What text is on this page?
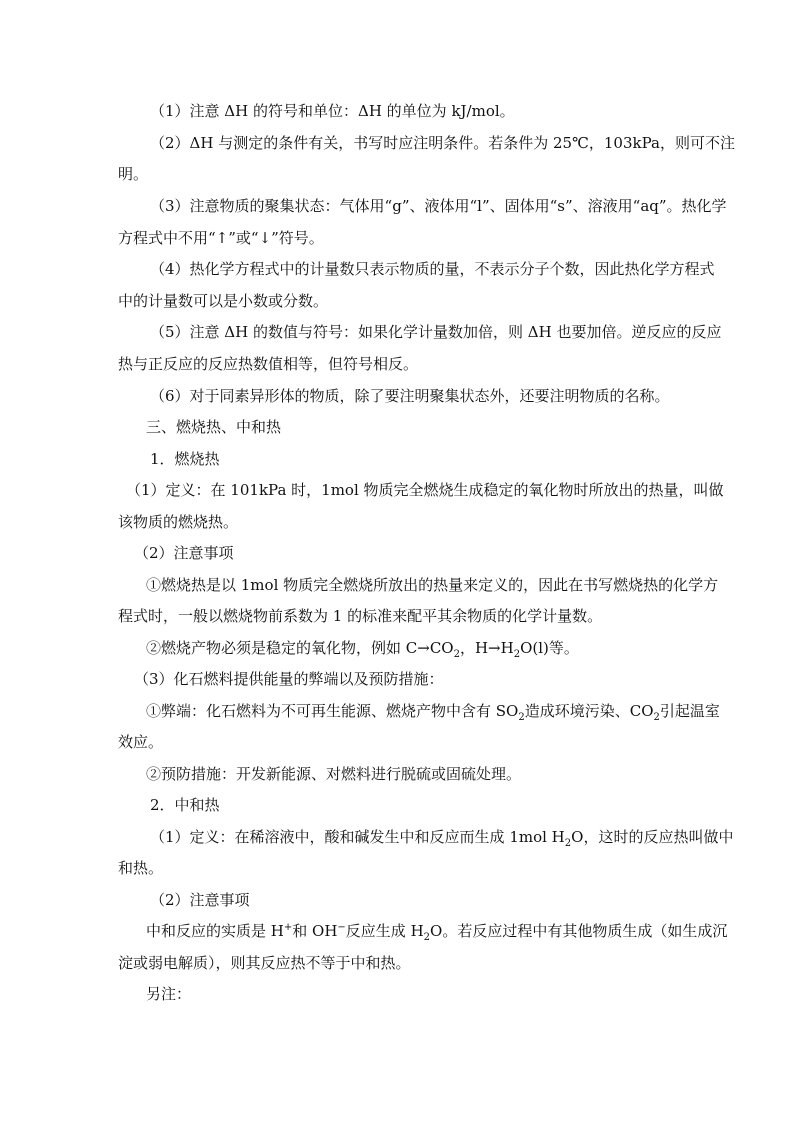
（1）注意 ΔH 的符号和单位：ΔH 的单位为 kJ/mol。
（2）ΔH 与测定的条件有关，书写时应注明条件。若条件为 25℃，103kPa，则可不注
明。
（3）注意物质的聚集状态：气体用“g”、液体用“l”、固体用“s”、溶液用“aq”。热化学
方程式中不用“↑”或“↓”符号。
（4）热化学方程式中的计量数只表示物质的量，不表示分子个数，因此热化学方程式
中的计量数可以是小数或分数。
（5）注意 ΔH 的数值与符号：如果化学计量数加倍，则 ΔH 也要加倍。逆反应的反应
热与正反应的反应热数值相等，但符号相反。
（6）对于同素异形体的物质，除了要注明聚集状态外，还要注明物质的名称。
三、燃烧热、中和热
1．燃烧热
（1）定义：在 101kPa 时，1mol 物质完全燃烧生成稳定的氧化物时所放出的热量，叫做
该物质的燃烧热。
（2）注意事项
①燃烧热是以 1mol 物质完全燃烧所放出的热量来定义的，因此在书写燃烧热的化学方
程式时，一般以燃烧物前系数为 1 的标准来配平其余物质的化学计量数。
②燃烧产物必须是稳定的氧化物，例如 $C\to CO_2$，$H\to H_2O(l)$等。
（3）化石燃料提供能量的弊端以及预防措施：
①弊端：化石燃料为不可再生能源、燃烧产物中含有 $SO_2$造成环境污染、$CO_2$引起温室
效应。
②预防措施：开发新能源、对燃料进行脱硫或固硫处理。
2．中和热
（1）定义：在稀溶液中，酸和碱发生中和反应而生成 1mol $H_2O$，这时的反应热叫做中
和热。
（2）注意事项
中和反应的实质是 H+和 OH−反应生成 $H_2O$。若反应过程中有其他物质生成（如生成沉
淀或弱电解质），则其反应热不等于中和热。
另注：
